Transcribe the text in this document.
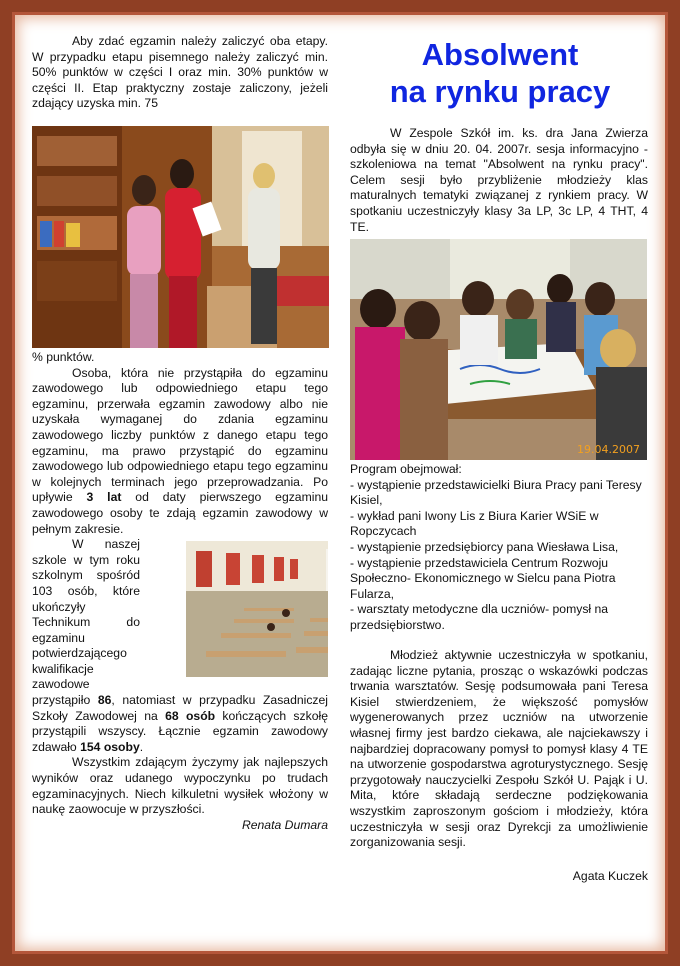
Aby zdać egzamin należy zaliczyć oba etapy. W przypadku etapu pisemnego należy zaliczyć min. 50% punktów w części I oraz min. 30% punktów w części II. Etap praktyczny zostaje zaliczony, jeżeli zdający uzyska min. 75

% punktów.

Osoba, która nie przystąpiła do egzaminu zawodowego lub odpowiedniego etapu tego egzaminu, przerwała egzamin zawodowy albo nie uzyskała wymaganej do zdania egzaminu zawodowego liczby punktów z danego etapu tego egzaminu, ma prawo przystąpić do egzaminu zawodowego lub odpowiedniego etapu tego egzaminu w kolejnych terminach jego przeprowadzania. Po upływie 3 lat od daty pierwszego egzaminu zawodowego osoby te zdają egzamin zawodowy w pełnym zakresie.

W naszej szkole w tym roku szkolnym spośród 103 osób, które ukończyły Technikum do egzaminu potwierdzającego kwalifikacje zawodowe przystąpiło 86, natomiast w przypadku Zasadniczej Szkoły Zawodowej na 68 osób kończących szkołę przystąpili wszyscy. Łącznie egzamin zawodowy zdawało 154 osoby.

Wszystkim zdającym życzymy jak najlepszych wyników oraz udanego wypoczynku po trudach egzaminacyjnych. Niech kilkuletni wysiłek włożony w naukę zaowocuje w przyszłości.

Renata Dumara

Absolwent
na rynku pracy

W Zespole Szkół im. ks. dra Jana Zwierza odbyła się w dniu 20. 04. 2007r. sesja informacyjno - szkoleniowa na temat "Absolwent na rynku pracy". Celem sesji było przybliżenie młodzieży klas maturalnych tematyki związanej z rynkiem pracy. W spotkaniu uczestniczyły klasy 3a LP, 3c LP, 4 THT, 4 TE.

19.04.2007

Program obejmował:

- wystąpienie przedstawicielki Biura Pracy pani Teresy Kisiel,

- wykład pani Iwony Lis z Biura Karier WSiE w Ropczycach

- wystąpienie przedsiębiorcy pana Wiesława Lisa,

- wystąpienie przedstawiciela Centrum Rozwoju Społeczno- Ekonomicznego w Sielcu pana Piotra Fularza,

- warsztaty metodyczne dla uczniów- pomysł na przedsiębiorstwo.

Młodzież aktywnie uczestniczyła w spotkaniu, zadając liczne pytania, prosząc o wskazówki podczas trwania warsztatów. Sesję podsumowała pani Teresa Kisiel stwierdzeniem, że większość pomysłów wygenerowanych przez uczniów na utworzenie własnej firmy jest bardzo ciekawa, ale najciekawszy i najbardziej dopracowany pomysł to pomysł klasy 4 TE na utworzenie gospodarstwa agroturystycznego. Sesję przygotowały nauczycielki Zespołu Szkół U. Pająk i U. Mita, które składają serdeczne podziękowania wszystkim zaproszonym gościom i młodzieży, która uczestniczyła w sesji oraz Dyrekcji za umożliwienie zorganizowania sesji.

Agata Kuczek
